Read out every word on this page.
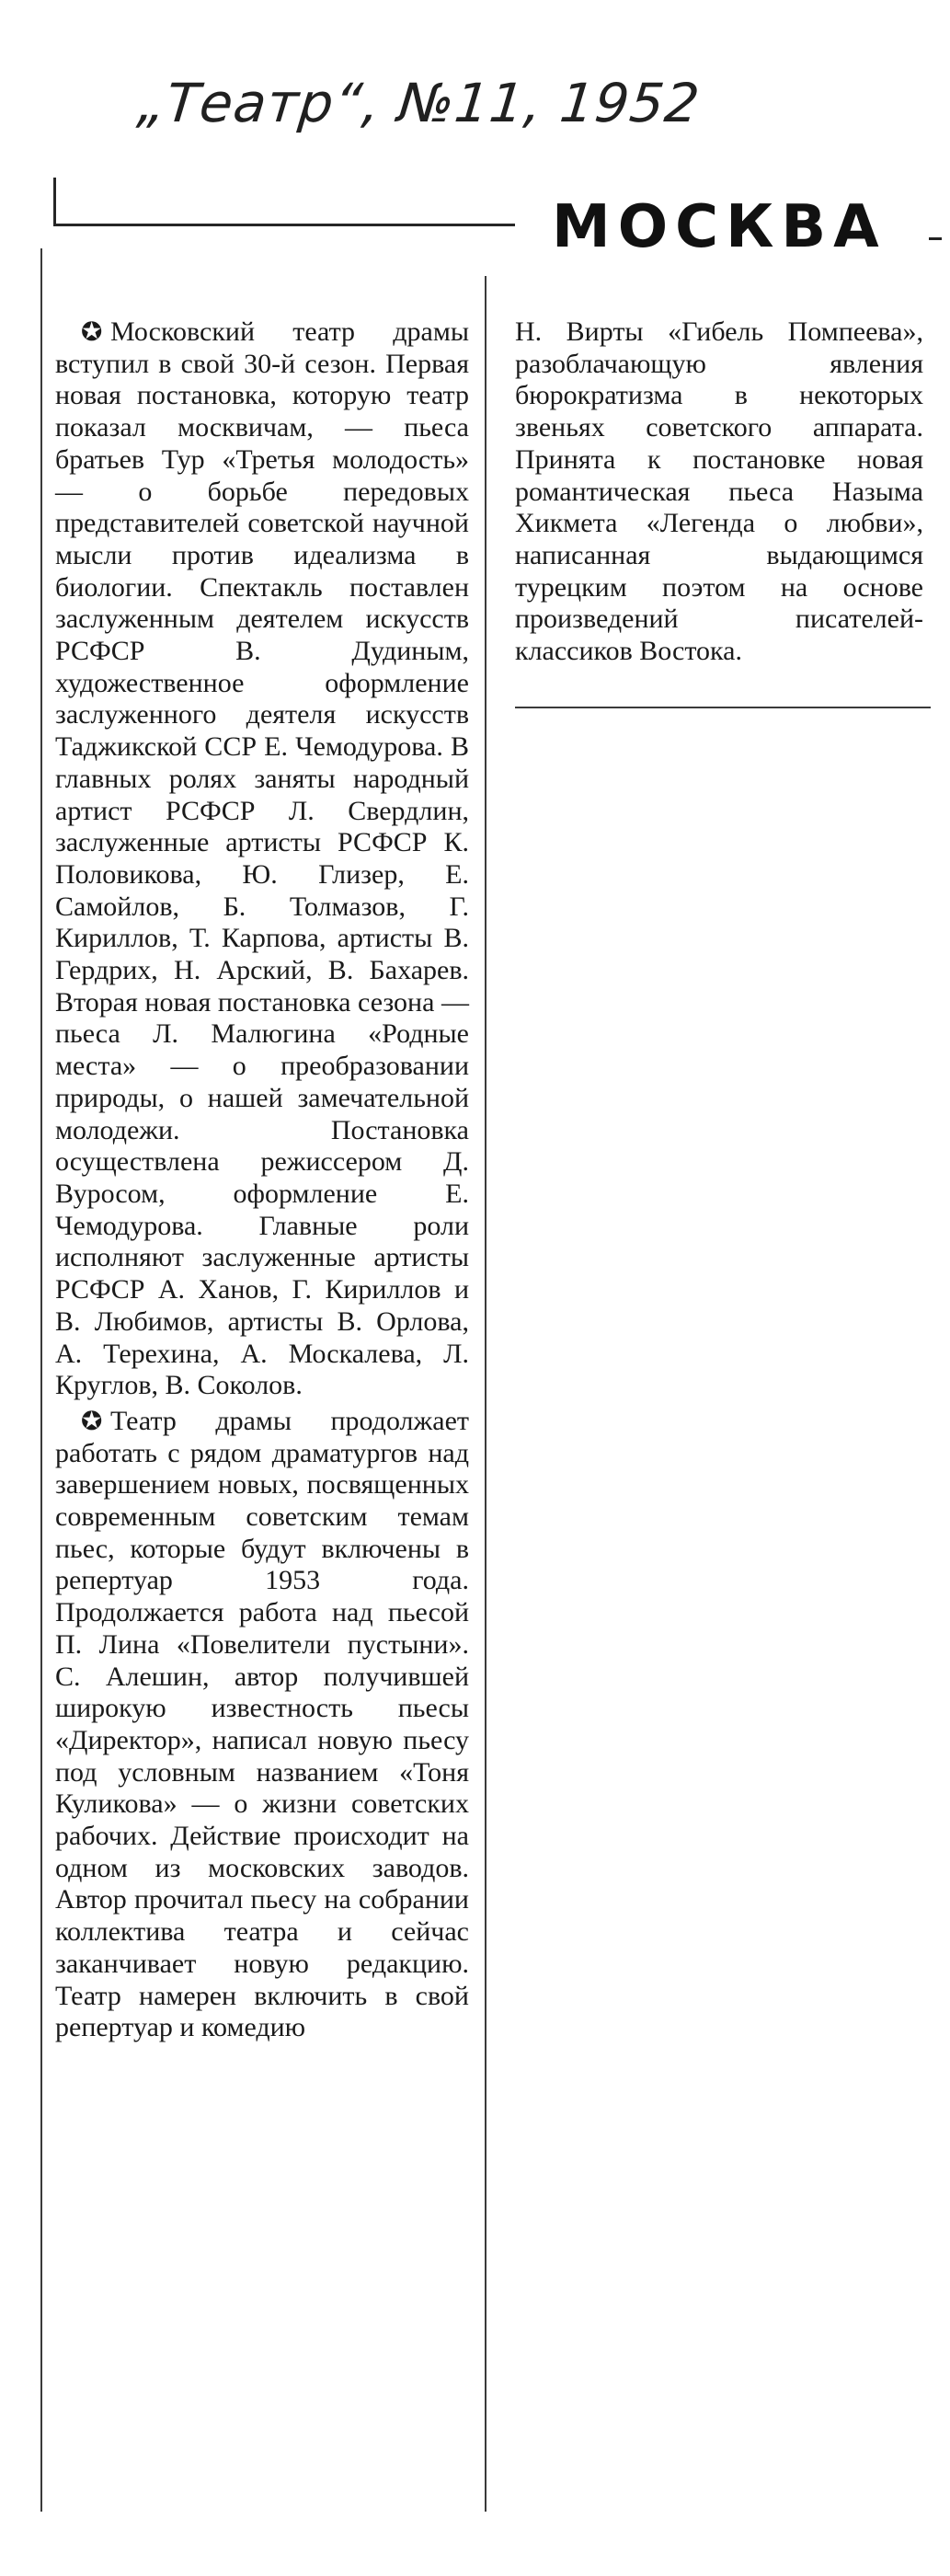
„Театр“, №11, 1952
МОСКВА

✪ Московский театр драмы вступил в свой 30-й сезон. Первая новая постановка, которую театр показал москвичам, — пьеса братьев Тур «Третья молодость» — о борьбе передовых представителей советской научной мысли против идеализма в биологии. Спектакль поставлен заслуженным деятелем искусств РСФСР В. Дудиным, художественное оформление заслуженного деятеля искусств Таджикской ССР Е. Чемодурова. В главных ролях заняты народный артист РСФСР Л. Свердлин, заслуженные артисты РСФСР К. Половикова, Ю. Глизер, Е. Самойлов, Б. Толмазов, Г. Кириллов, Т. Карпова, артисты В. Гердрих, Н. Арский, В. Бахарев. Вторая новая постановка сезона — пьеса Л. Малюгина «Родные места» — о преобразовании природы, о нашей замечательной молодежи. Постановка осуществлена режиссером Д. Вуросом, оформление Е. Чемодурова. Главные роли исполняют заслуженные артисты РСФСР А. Ханов, Г. Кириллов и В. Любимов, артисты В. Орлова, А. Терехина, А. Москалева, Л. Круглов, В. Соколов.

✪ Театр драмы продолжает работать с рядом драматургов над завершением новых, посвященных современным советским темам пьес, которые будут включены в репертуар 1953 года. Продолжается работа над пьесой П. Лина «Повелители пустыни». С. Алешин, автор получившей широкую известность пьесы «Директор», написал новую пьесу под условным названием «Тоня Куликова» — о жизни советских рабочих. Действие происходит на одном из московских заводов. Автор прочитал пьесу на собрании коллектива театра и сейчас заканчивает новую редакцию. Театр намерен включить в свой репертуар и комедию

Н. Вирты «Гибель Помпеева», разоблачающую явления бюрократизма в некоторых звеньях советского аппарата. Принята к постановке новая романтическая пьеса Назыма Хикмета «Легенда о любви», написанная выдающимся турецким поэтом на основе произведений писателей-классиков Востока.
